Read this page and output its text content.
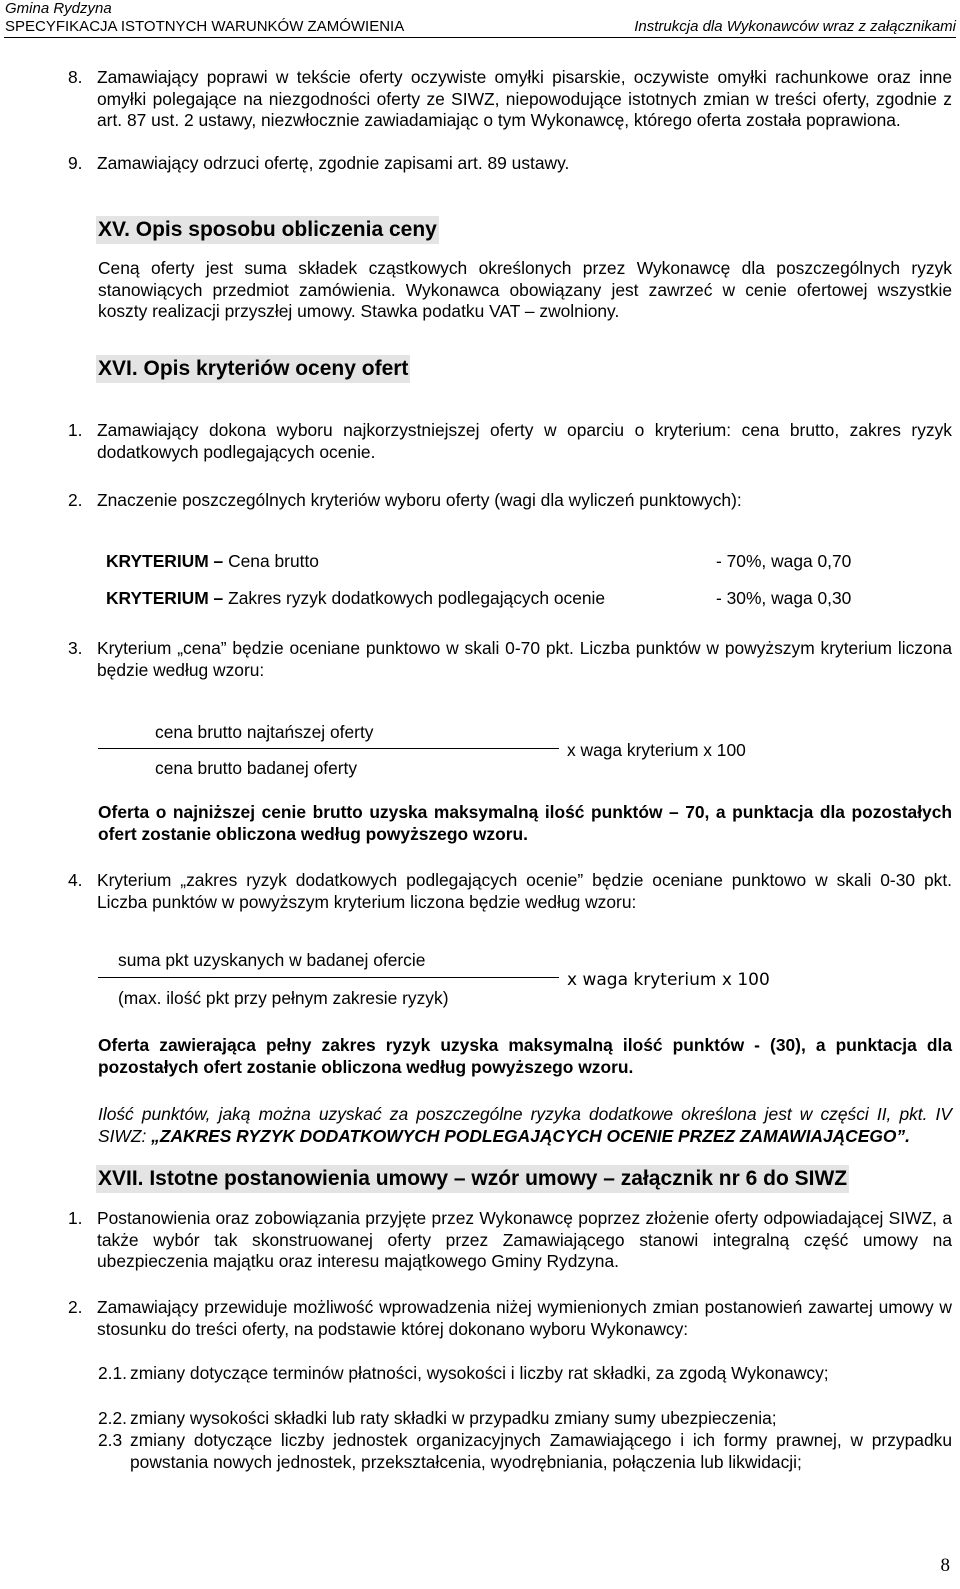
Gmina Rydzyna
SPECYFIKACJA ISTOTNYCH WARUNKÓW ZAMÓWIENIA	Instrukcja dla Wykonawców wraz z załącznikami
8. Zamawiający poprawi w tekście oferty oczywiste omyłki pisarskie, oczywiste omyłki rachunkowe oraz inne omyłki polegające na niezgodności oferty ze SIWZ, niepowodujące istotnych zmian w treści oferty, zgodnie z art. 87 ust. 2 ustawy, niezwłocznie zawiadamiając o tym Wykonawcę, którego oferta została poprawiona.
9. Zamawiający odrzuci ofertę, zgodnie zapisami art. 89 ustawy.
XV. Opis sposobu obliczenia ceny
Ceną oferty jest suma składek cząstkowych określonych przez Wykonawcę dla poszczególnych ryzyk stanowiących przedmiot zamówienia. Wykonawca obowiązany jest zawrzeć w cenie ofertowej wszystkie koszty realizacji przyszłej umowy. Stawka podatku VAT – zwolniony.
XVI. Opis kryteriów oceny ofert
1. Zamawiający dokona wyboru najkorzystniejszej oferty w oparciu o kryterium: cena brutto, zakres ryzyk dodatkowych podlegających ocenie.
2. Znaczenie poszczególnych kryteriów wyboru oferty (wagi dla wyliczeń punktowych):
KRYTERIUM – Cena brutto	- 70%, waga 0,70
KRYTERIUM – Zakres ryzyk dodatkowych podlegających ocenie	- 30%, waga 0,30
3. Kryterium „cena” będzie oceniane punktowo w skali 0-70 pkt. Liczba punktów w powyższym kryterium liczona będzie według wzoru:
cena brutto najtańszej oferty
x waga kryterium x 100
cena brutto badanej oferty
Oferta o najniższej cenie brutto uzyska maksymalną ilość punktów – 70, a punktacja dla pozostałych ofert zostanie obliczona według powyższego wzoru.
4. Kryterium „zakres ryzyk dodatkowych podlegających ocenie” będzie oceniane punktowo w skali 0-30 pkt. Liczba punktów w powyższym kryterium liczona będzie według wzoru:
suma pkt uzyskanych w badanej ofercie
x waga kryterium x 100
(max. ilość pkt przy pełnym zakresie ryzyk)
Oferta zawierająca pełny zakres ryzyk uzyska maksymalną ilość punktów - (30), a punktacja dla pozostałych ofert zostanie obliczona według powyższego wzoru.
Ilość punktów, jaką można uzyskać za poszczególne ryzyka dodatkowe określona jest w części II, pkt. IV SIWZ: „ZAKRES RYZYK DODATKOWYCH PODLEGAJĄCYCH OCENIE PRZEZ ZAMAWIAJĄCEGO”.
XVII. Istotne postanowienia umowy – wzór umowy – załącznik nr 6 do SIWZ
1. Postanowienia oraz zobowiązania przyjęte przez Wykonawcę poprzez złożenie oferty odpowiadającej SIWZ, a także wybór tak skonstruowanej oferty przez Zamawiającego stanowi integralną część umowy na ubezpieczenia majątku oraz interesu majątkowego Gminy Rydzyna.
2. Zamawiający przewiduje możliwość wprowadzenia niżej wymienionych zmian postanowień zawartej umowy w stosunku do treści oferty, na podstawie której dokonano wyboru Wykonawcy:
2.1. zmiany dotyczące terminów płatności, wysokości i liczby rat składki, za zgodą Wykonawcy;
2.2. zmiany wysokości składki lub raty składki w przypadku zmiany sumy ubezpieczenia;
2.3 zmiany dotyczące liczby jednostek organizacyjnych Zamawiającego i ich formy prawnej, w przypadku powstania nowych jednostek, przekształcenia, wyodrębniania, połączenia lub likwidacji;
8
